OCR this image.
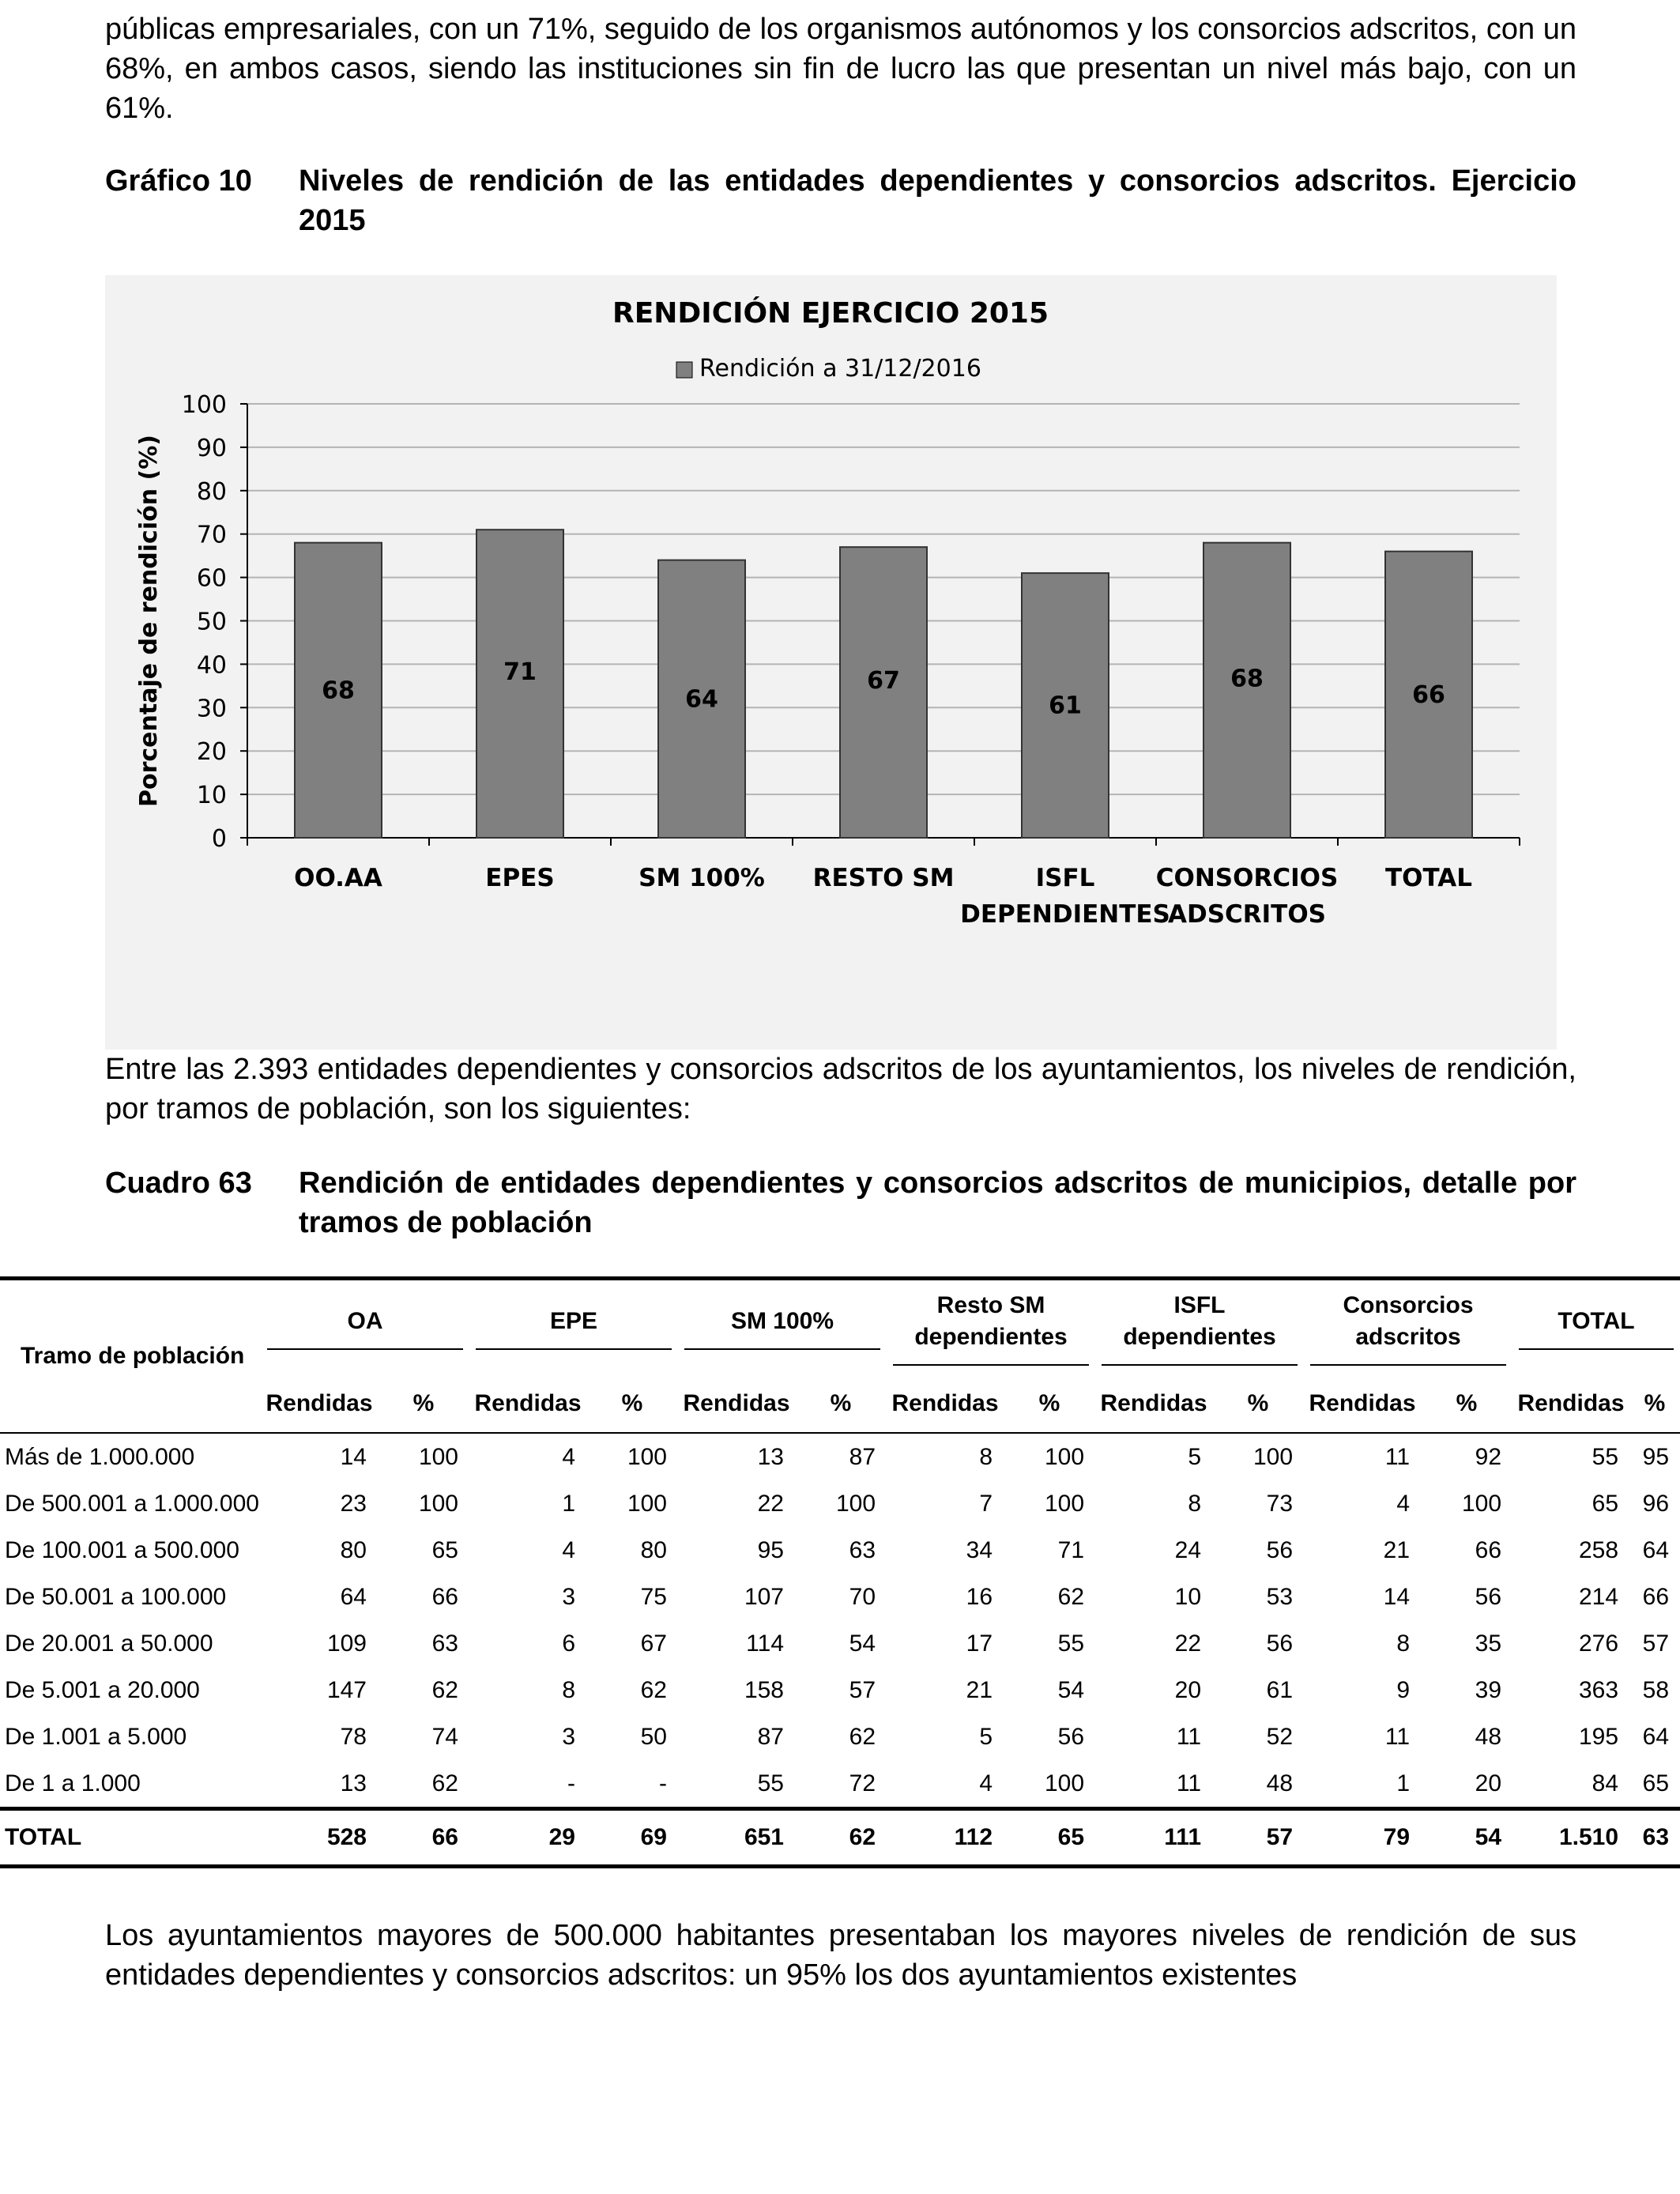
públicas empresariales, con un 71%, seguido de los organismos autónomos y los consorcios adscritos, con un 68%, en ambos casos, siendo las instituciones sin fin de lucro las que presentan un nivel más bajo, con un 61%.

Gráfico 10 Niveles de rendición de las entidades dependientes y consorcios adscritos. Ejercicio 2015
RENDICIÓN EJERCICIO 2015
Rendición a 31/12/2016
0
10
20
30
40
50
60
70
80
90
100
Porcentaje de rendición (%)	68
OO.AA
71
EPES
64
SM 100%
67
RESTO SM
61
ISFL
DEPENDIENTES
68
CONSORCIOS
ADSCRITOS
66
TOTAL

Entre las 2.393 entidades dependientes y consorcios adscritos de los ayuntamientos, los niveles de rendición, por tramos de población, son los siguientes:

Cuadro 63 Rendición de entidades dependientes y consorcios adscritos de municipios, detalle por tramos de población
Tramo de población	OA		EPE		SM 100%		Resto SM
dependientes		ISFL
dependientes		Consorcios
adscritos		TOTAL	

	Rendidas	%	Rendidas	%	Rendidas	%	Rendidas	%	Rendidas	%	Rendidas	%	Rendidas	%
Más de 1.000.000	14	100	4	100	13	87	8	100	5	100	11	92	55	95
De 500.001 a 1.000.000	23	100	1	100	22	100	7	100	8	73	4	100	65	96
De 100.001 a 500.000	80	65	4	80	95	63	34	71	24	56	21	66	258	64
De 50.001 a 100.000	64	66	3	75	107	70	16	62	10	53	14	56	214	66
De 20.001 a 50.000	109	63	6	67	114	54	17	55	22	56	8	35	276	57
De 5.001 a 20.000	147	62	8	62	158	57	21	54	20	61	9	39	363	58
De 1.001 a 5.000	78	74	3	50	87	62	5	56	11	52	11	48	195	64
De 1 a 1.000	13	62	-	-	55	72	4	100	11	48	1	20	84	65
TOTAL	528	66	29	69	651	62	112	65	111	57	79	54	1.510	63

Los ayuntamientos mayores de 500.000 habitantes presentaban los mayores niveles de rendición de sus entidades dependientes y consorcios adscritos: un 95% los dos ayuntamientos existentes
